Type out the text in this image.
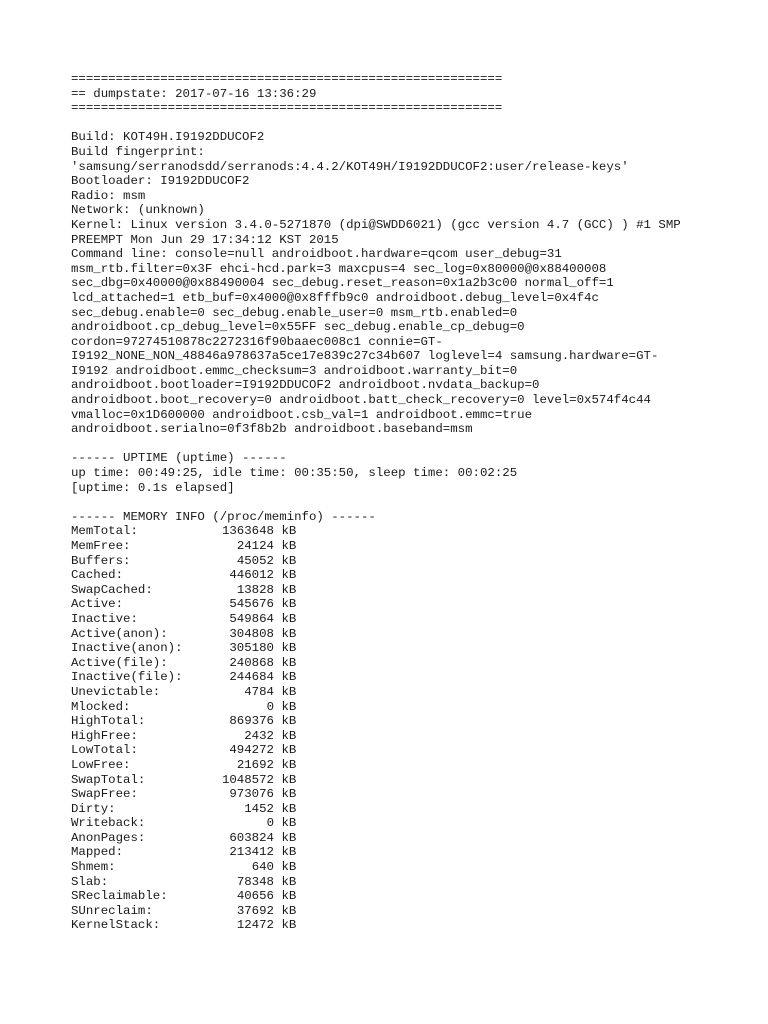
==========================================================
== dumpstate: 2017-07-16 13:36:29
==========================================================
Build: KOT49H.I9192DDUCOF2
Build fingerprint:
'samsung/serranodsdd/serranods:4.4.2/KOT49H/I9192DDUCOF2:user/release-keys'
Bootloader: I9192DDUCOF2
Radio: msm
Network: (unknown)
Kernel: Linux version 3.4.0-5271870 (dpi@SWDD6021) (gcc version 4.7 (GCC) ) #1 SMP
PREEMPT Mon Jun 29 17:34:12 KST 2015
Command line: console=null androidboot.hardware=qcom user_debug=31
msm_rtb.filter=0x3F ehci-hcd.park=3 maxcpus=4 sec_log=0x80000@0x88400008
sec_dbg=0x40000@0x88490004 sec_debug.reset_reason=0x1a2b3c00 normal_off=1
lcd_attached=1 etb_buf=0x4000@0x8fffb9c0 androidboot.debug_level=0x4f4c
sec_debug.enable=0 sec_debug.enable_user=0 msm_rtb.enabled=0
androidboot.cp_debug_level=0x55FF sec_debug.enable_cp_debug=0
cordon=97274510878c2272316f90baaec008c1 connie=GT-
I9192_NONE_NON_48846a978637a5ce17e839c27c34b607 loglevel=4 samsung.hardware=GT-
I9192 androidboot.emmc_checksum=3 androidboot.warranty_bit=0
androidboot.bootloader=I9192DDUCOF2 androidboot.nvdata_backup=0
androidboot.boot_recovery=0 androidboot.batt_check_recovery=0 level=0x574f4c44
vmalloc=0x1D600000 androidboot.csb_val=1 androidboot.emmc=true
androidboot.serialno=0f3f8b2b androidboot.baseband=msm
------ UPTIME (uptime) ------
up time: 00:49:25, idle time: 00:35:50, sleep time: 00:02:25
[uptime: 0.1s elapsed]
------ MEMORY INFO (/proc/meminfo) ------
MemTotal:	1363648 kB
MemFree:	24124 kB
Buffers:	45052 kB
Cached:	446012 kB
SwapCached:	13828 kB
Active:	545676 kB
Inactive:	549864 kB
Active(anon):	304808 kB
Inactive(anon):	305180 kB
Active(file):	240868 kB
Inactive(file):	244684 kB
Unevictable:	4784 kB
Mlocked:	0 kB
HighTotal:	869376 kB
HighFree:	2432 kB
LowTotal:	494272 kB
LowFree:	21692 kB
SwapTotal:	1048572 kB
SwapFree:	973076 kB
Dirty:	1452 kB
Writeback:	0 kB
AnonPages:	603824 kB
Mapped:	213412 kB
Shmem:	640 kB
Slab:	78348 kB
SReclaimable:	40656 kB
SUnreclaim:	37692 kB
KernelStack:	12472 kB
